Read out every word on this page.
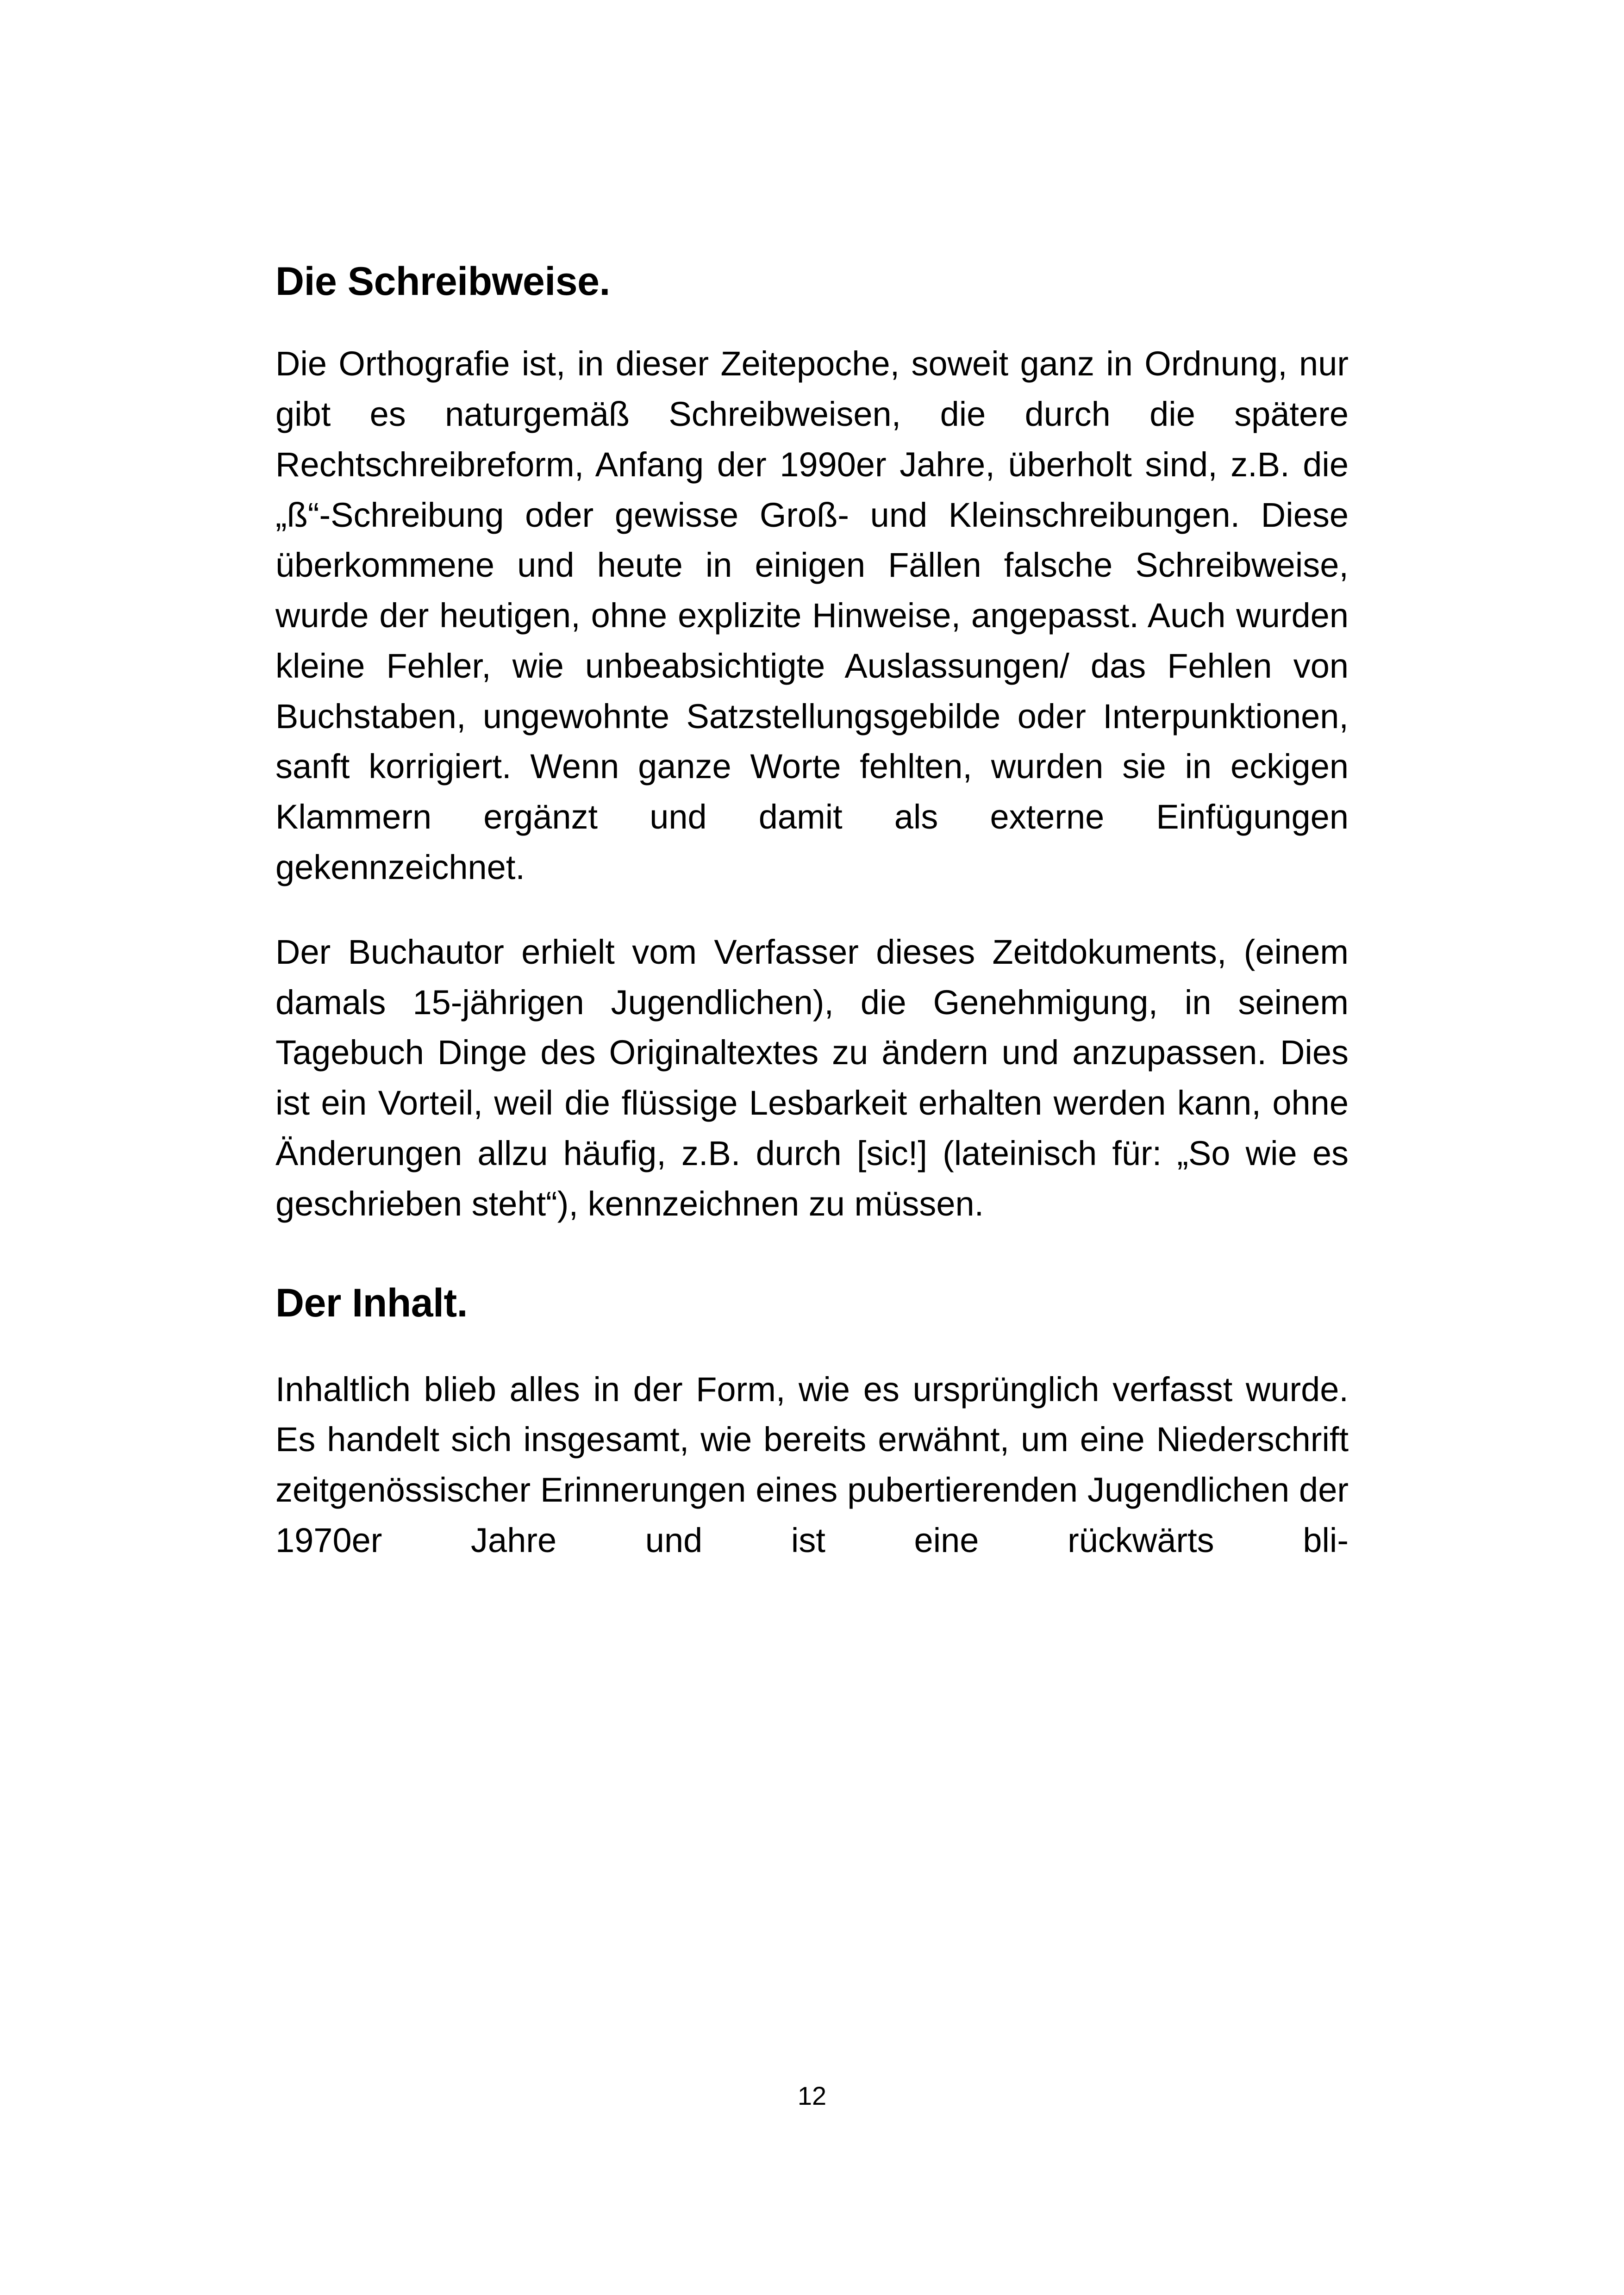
Die Schreibweise.

Die Orthografie ist, in dieser Zeitepoche, soweit ganz in Ordnung, nur gibt es naturgemäß Schreibweisen, die durch die spätere Rechtschreibreform, Anfang der 1990er Jahre, überholt sind, z.B. die „ß“-Schreibung oder gewisse Groß- und Kleinschreibungen. Diese überkommene und heute in einigen Fällen falsche Schreibweise, wurde der heutigen, ohne explizite Hinweise, angepasst. Auch wurden kleine Fehler, wie unbeabsichtigte Auslassungen/ das Fehlen von Buchstaben, ungewohnte Satzstellungsgebilde oder Interpunktionen, sanft korrigiert. Wenn ganze Worte fehlten, wurden sie in eckigen Klammern ergänzt und damit als externe Einfügungen gekennzeichnet.

Der Buchautor erhielt vom Verfasser dieses Zeitdokuments, (einem damals 15-jährigen Jugendlichen), die Genehmigung, in seinem Tagebuch Dinge des Originaltextes zu ändern und anzupassen. Dies ist ein Vorteil, weil die flüssige Lesbarkeit erhalten werden kann, ohne Änderungen allzu häufig, z.B. durch [sic!] (lateinisch für: „So wie es geschrieben steht“), kennzeichnen zu müssen.

Der Inhalt.

Inhaltlich blieb alles in der Form, wie es ursprünglich verfasst wurde. Es handelt sich insgesamt, wie bereits erwähnt, um eine Niederschrift zeitgenössischer Erinnerungen eines pubertierenden Jugendlichen der 1970er Jahre und ist eine rückwärts bli-

12
